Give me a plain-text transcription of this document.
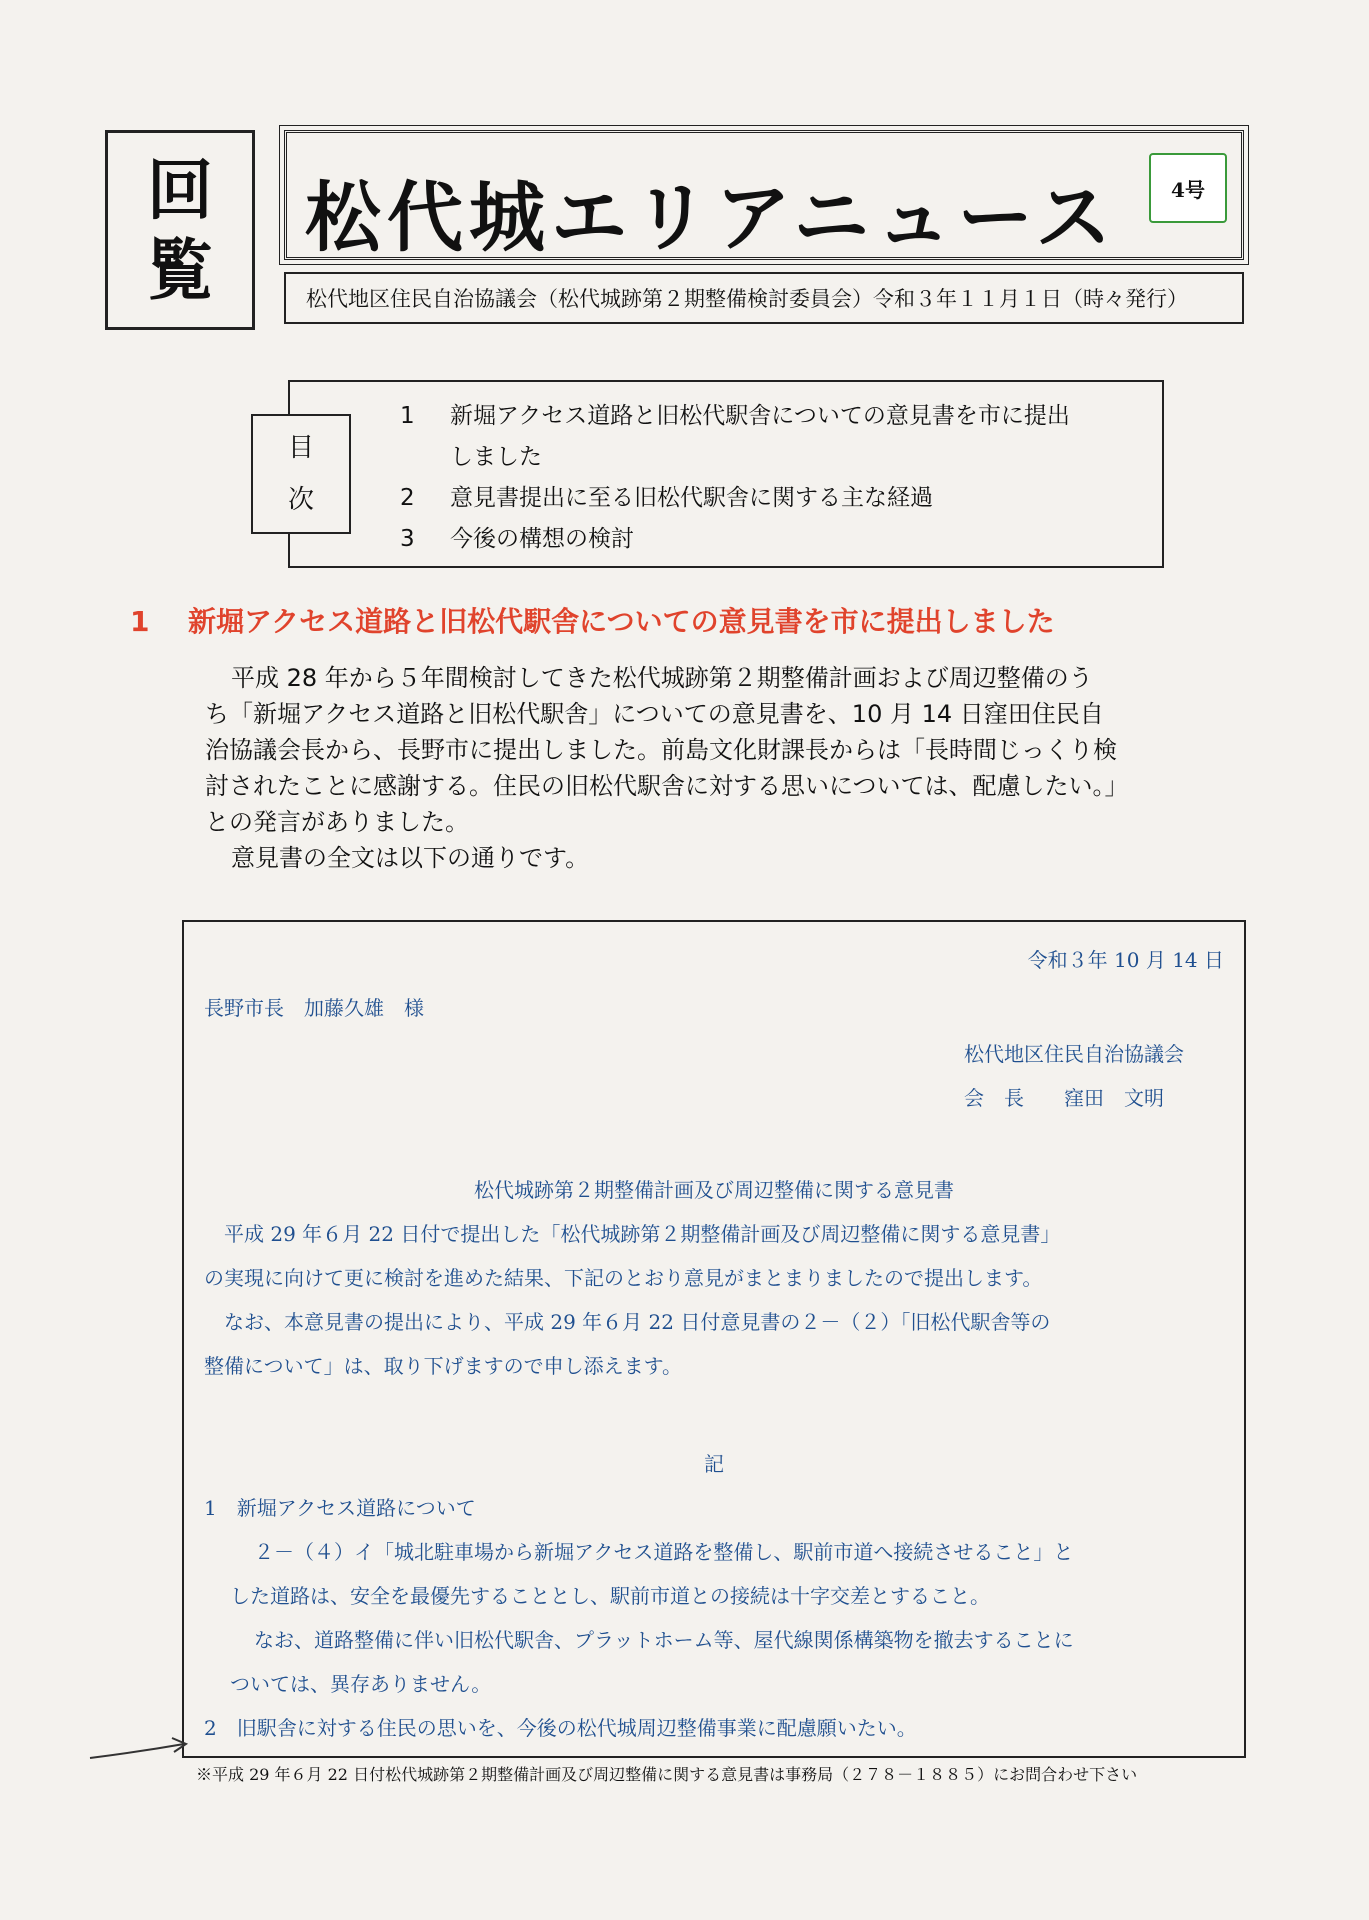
回
覧
松代城エリアニュース	4号
松代地区住民自治協議会（松代城跡第２期整備検討委員会）令和３年１１月１日（時々発行）
目
次
1	新堀アクセス道路と旧松代駅舎についての意見書を市に提出
しました
2	意見書提出に至る旧松代駅舎に関する主な経過
3	今後の構想の検討
1 新堀アクセス道路と旧松代駅舎についての意見書を市に提出しました

平成 28 年から５年間検討してきた松代城跡第２期整備計画および周辺整備のう

ち「新堀アクセス道路と旧松代駅舎」についての意見書を、10 月 14 日窪田住民自

治協議会長から、長野市に提出しました。前島文化財課長からは「長時間じっくり検

討されたことに感謝する。住民の旧松代駅舎に対する思いについては、配慮したい。」

との発言がありました。

意見書の全文は以下の通りです。

令和３年 10 月 14 日
長野市長　加藤久雄　様
松代地区住民自治協議会
会　長　　窪田　文明
松代城跡第２期整備計画及び周辺整備に関する意見書
平成 29 年６月 22 日付で提出した「松代城跡第２期整備計画及び周辺整備に関する意見書」
の実現に向けて更に検討を進めた結果、下記のとおり意見がまとまりましたので提出します。
なお、本意見書の提出により、平成 29 年６月 22 日付意見書の２－（２）「旧松代駅舎等の
整備について」は、取り下げますので申し添えます。
記
1　新堀アクセス道路について
２－（４）イ「城北駐車場から新堀アクセス道路を整備し、駅前市道へ接続させること」と
した道路は、安全を最優先することとし、駅前市道との接続は十字交差とすること。
なお、道路整備に伴い旧松代駅舎、プラットホーム等、屋代線関係構築物を撤去することに
ついては、異存ありません。
2　旧駅舎に対する住民の思いを、今後の松代城周辺整備事業に配慮願いたい。
※平成 29 年６月 22 日付松代城跡第２期整備計画及び周辺整備に関する意見書は事務局（２７８－１８８５）にお問合わせ下さい
